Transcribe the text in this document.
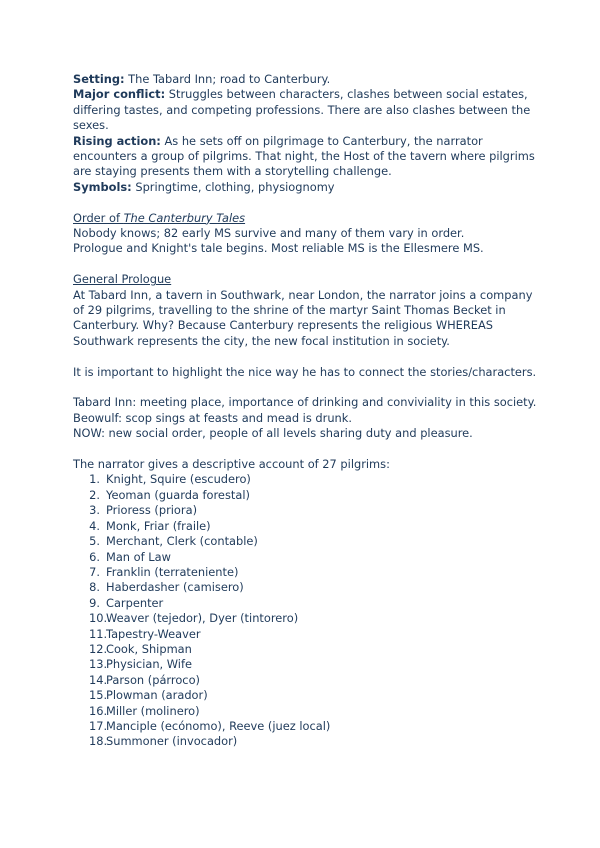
Setting: The Tabard Inn; road to Canterbury.

Major conflict: Struggles between characters, clashes between social estates, differing tastes, and competing professions. There are also clashes between the sexes.

Rising action: As he sets off on pilgrimage to Canterbury, the narrator encounters a group of pilgrims. That night, the Host of the tavern where pilgrims are staying presents them with a storytelling challenge.

Symbols: Springtime, clothing, physiognomy

Order of The Canterbury Tales

Nobody knows; 82 early MS survive and many of them vary in order.

Prologue and Knight's tale begins. Most reliable MS is the Ellesmere MS.

General Prologue

At Tabard Inn, a tavern in Southwark, near London, the narrator joins a company of 29 pilgrims, travelling to the shrine of the martyr Saint Thomas Becket in Canterbury. Why? Because Canterbury represents the religious WHEREAS Southwark represents the city, the new focal institution in society.

It is important to highlight the nice way he has to connect the stories/characters.

Tabard Inn: meeting place, importance of drinking and conviviality in this society.

Beowulf: scop sings at feasts and mead is drunk.

NOW: new social order, people of all levels sharing duty and pleasure.

The narrator gives a descriptive account of 27 pilgrims:

1. Knight, Squire (escudero)
2. Yeoman (guarda forestal)
3. Prioress (priora)
4. Monk, Friar (fraile)
5. Merchant, Clerk (contable)
6. Man of Law
7. Franklin (terrateniente)
8. Haberdasher (camisero)
9. Carpenter
10.
Weaver (tejedor), Dyer (tintorero)
11.
Tapestry-Weaver
12.
Cook, Shipman
13.
Physician, Wife
14.
Parson (párroco)
15.
Plowman (arador)
16.
Miller (molinero)
17.
Manciple (ecónomo), Reeve (juez local)
18.
Summoner (invocador)
